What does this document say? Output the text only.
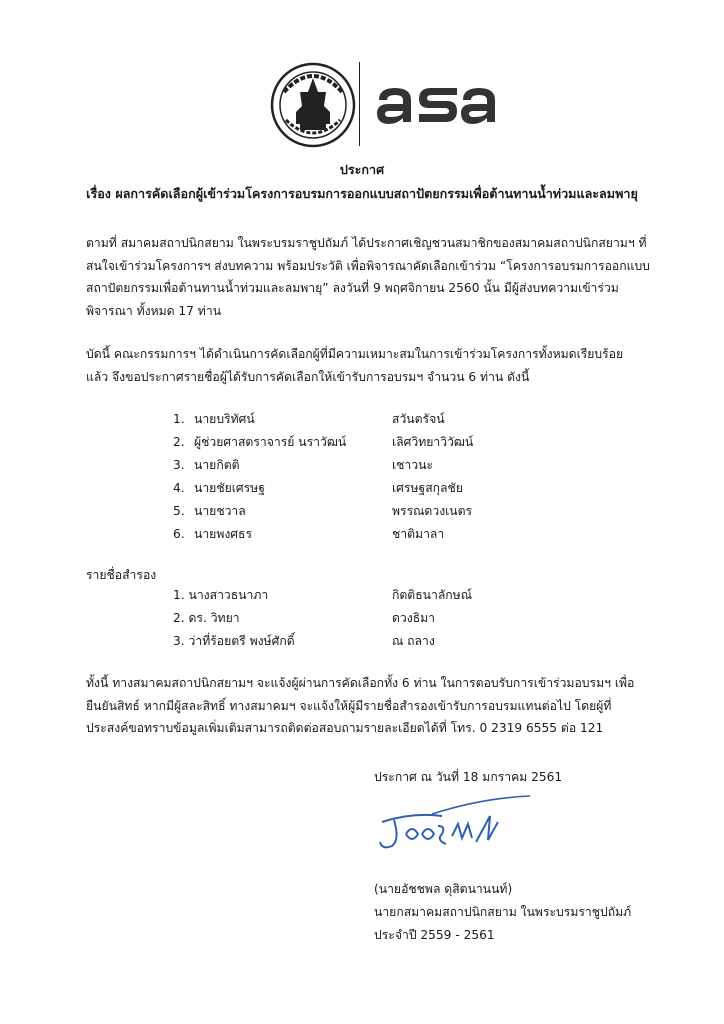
ประกาศ
เรื่อง ผลการคัดเลือกผู้เข้าร่วมโครงการอบรมการออกแบบสถาปัตยกรรมเพื่อต้านทานน้ำท่วมและลมพายุ
ตามที่ สมาคมสถาปนิกสยาม ในพระบรมราชูปถัมภ์ ได้ประกาศเชิญชวนสมาชิกของสมาคมสถาปนิกสยามฯ ที่
สนใจเข้าร่วมโครงการฯ ส่งบทความ พร้อมประวัติ เพื่อพิจารณาคัดเลือกเข้าร่วม “โครงการอบรมการออกแบบ
สถาปัตยกรรมเพื่อต้านทานน้ำท่วมและลมพายุ” ลงวันที่ 9 พฤศจิกายน 2560 นั้น มีผู้ส่งบทความเข้าร่วม
พิจารณา ทั้งหมด 17 ท่าน
บัดนี้ คณะกรรมการฯ ได้ดำเนินการคัดเลือกผู้ที่มีความเหมาะสมในการเข้าร่วมโครงการทั้งหมดเรียบร้อย
แล้ว จึงขอประกาศรายชื่อผู้ได้รับการคัดเลือกให้เข้ารับการอบรมฯ จำนวน 6 ท่าน ดังนี้
1. นายบริทัศน์	สวันตรัจน์
2. ผู้ช่วยศาสตราจารย์ นราวัฒน์	เลิศวิทยาวิวัฒน์
3. นายกิตติ	เชาวนะ
4. นายชัยเศรษฐ	เศรษฐสกุลชัย
5. นายชวาล	พรรณดวงเนตร
6. นายพงศธร	ชาติมาลา
รายชื่อสำรอง
1. นางสาวธนาภา	กิตติธนาลักษณ์
2. ดร. วิทยา	ดวงธิมา
3. ว่าที่ร้อยตรี พงษ์ศักดิ์	ณ ถลาง
ทั้งนี้ ทางสมาคมสถาปนิกสยามฯ จะแจ้งผู้ผ่านการคัดเลือกทั้ง 6 ท่าน ในการตอบรับการเข้าร่วมอบรมฯ เพื่อ
ยืนยันสิทธ์ หากมีผู้สละสิทธิ์ ทางสมาคมฯ จะแจ้งให้ผู้มีรายชื่อสำรองเข้ารับการอบรมแทนต่อไป โดยผู้ที่
ประสงค์ขอทราบข้อมูลเพิ่มเติมสามารถติดต่อสอบถามรายละเอียดได้ที่ โทร. 0 2319 6555 ต่อ 121
ประกาศ ณ วันที่ 18 มกราคม 2561
(นายอัชชพล ดุสิตนานนท์)
นายกสมาคมสถาปนิกสยาม ในพระบรมราชูปถัมภ์
ประจำปี 2559 - 2561
